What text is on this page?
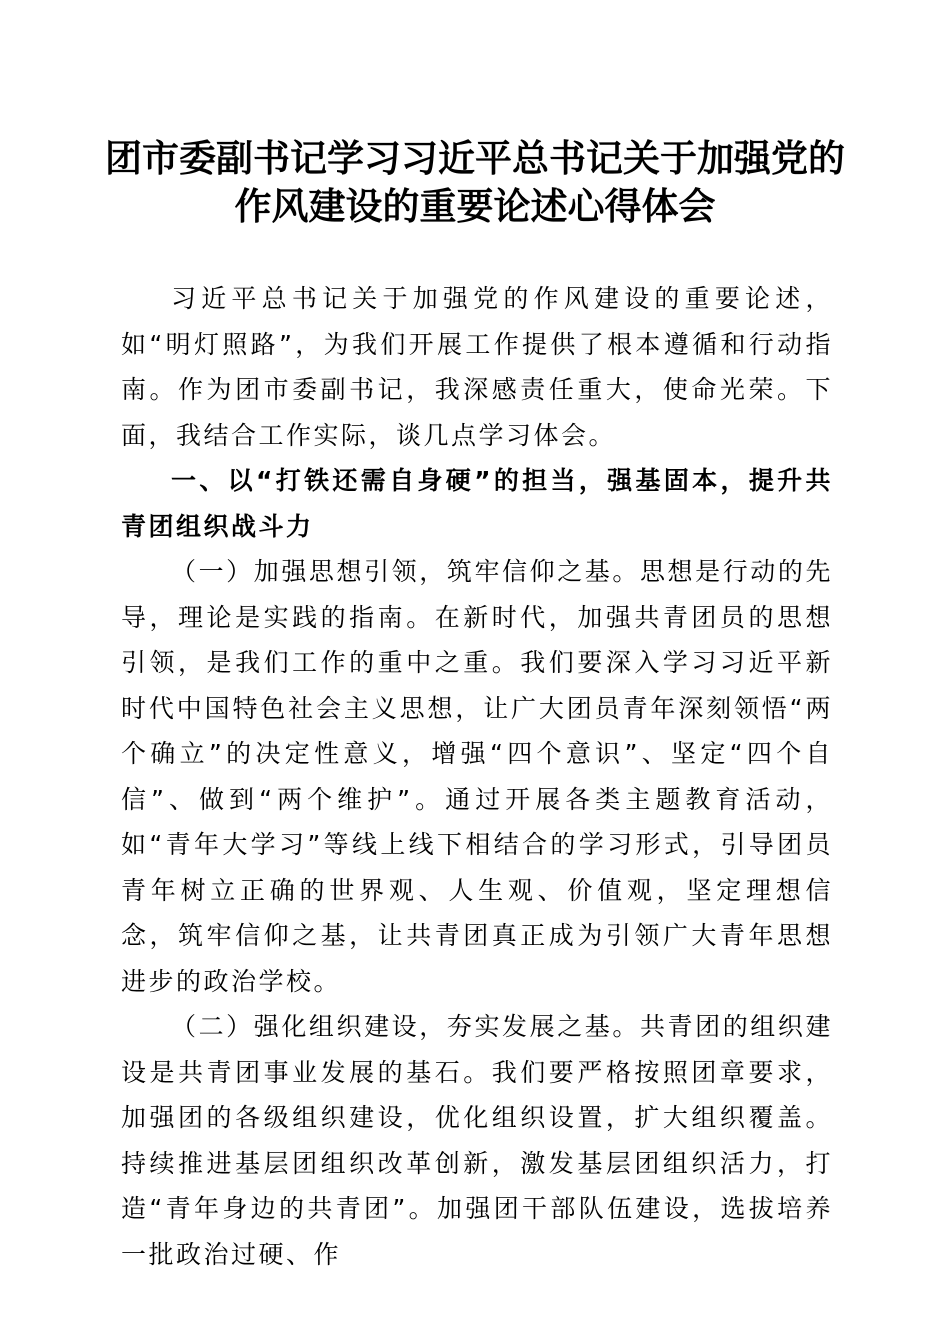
团市委副书记学习习近平总书记关于加强党的
作风建设的重要论述心得体会

习近平总书记关于加强党的作风建设的重要论述，如“明灯照路”，为我们开展工作提供了根本遵循和行动指南。作为团市委副书记，我深感责任重大，使命光荣。下面，我结合工作实际，谈几点学习体会。

一、以“打铁还需自身硬”的担当，强基固本，提升共青团组织战斗力

（一）加强思想引领，筑牢信仰之基。思想是行动的先导，理论是实践的指南。在新时代，加强共青团员的思想引领，是我们工作的重中之重。我们要深入学习习近平新时代中国特色社会主义思想，让广大团员青年深刻领悟“两个确立”的决定性意义，增强“四个意识”、坚定“四个自信”、做到“两个维护”。通过开展各类主题教育活动，如“青年大学习”等线上线下相结合的学习形式，引导团员青年树立正确的世界观、人生观、价值观，坚定理想信念，筑牢信仰之基，让共青团真正成为引领广大青年思想进步的政治学校。

（二）强化组织建设，夯实发展之基。共青团的组织建设是共青团事业发展的基石。我们要严格按照团章要求，加强团的各级组织建设，优化组织设置，扩大组织覆盖。持续推进基层团组织改革创新，激发基层团组织活力，打造“青年身边的共青团”。加强团干部队伍建设，选拔培养一批政治过硬、作
